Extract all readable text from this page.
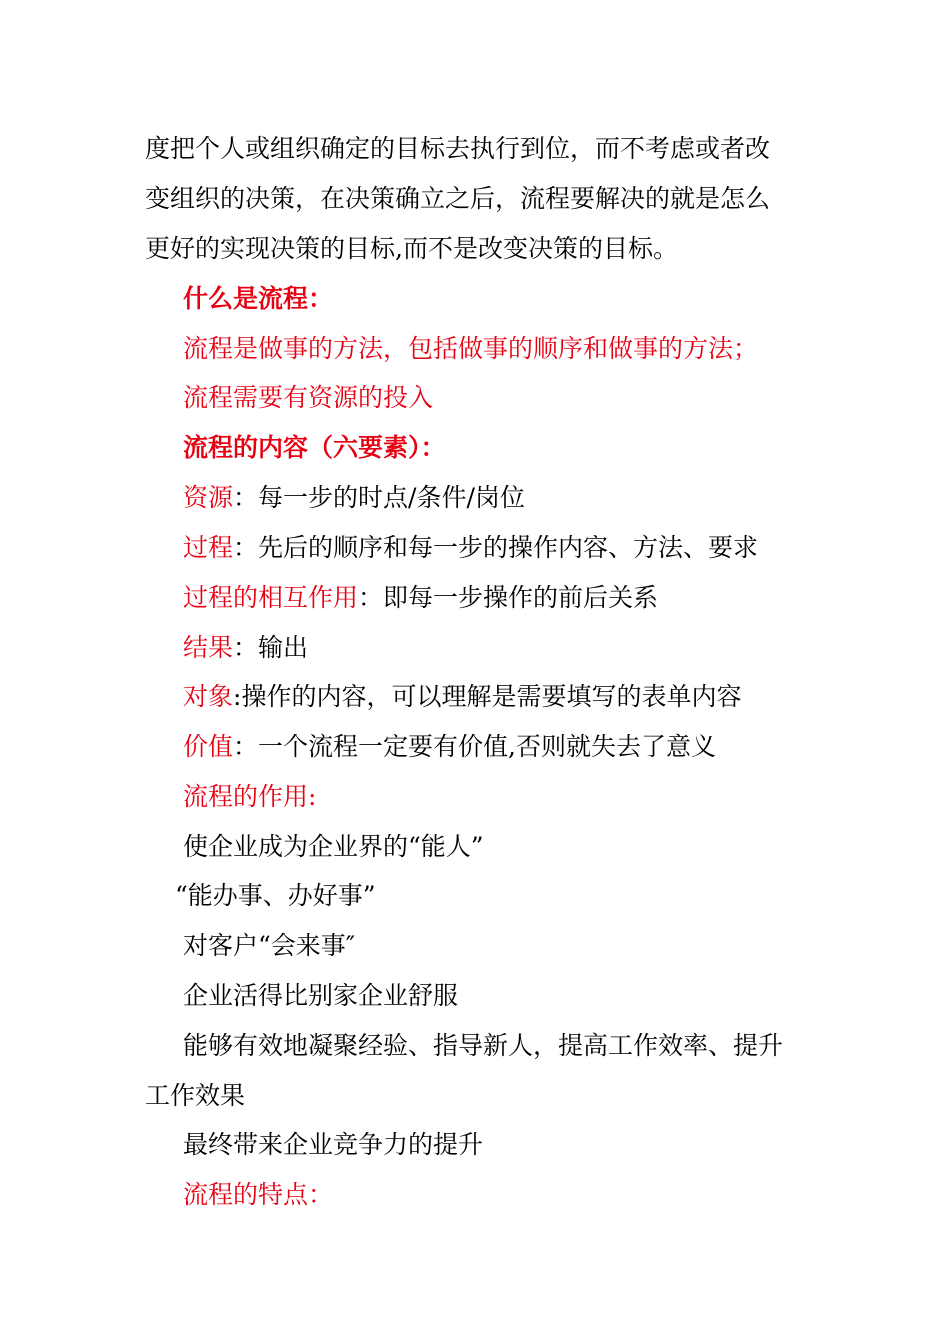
度把个人或组织确定的目标去执行到位，而不考虑或者改
变组织的决策，在决策确立之后，流程要解决的就是怎么
更好的实现决策的目标,而不是改变决策的目标。
什么是流程：
流程是做事的方法，包括做事的顺序和做事的方法；
流程需要有资源的投入
流程的内容（六要素）：
资源：每一步的时点/条件/岗位
过程：先后的顺序和每一步的操作内容、方法、要求
过程的相互作用：即每一步操作的前后关系
结果：输出
对象:操作的内容，可以理解是需要填写的表单内容
价值：一个流程一定要有价值,否则就失去了意义
流程的作用:
使企业成为企业界的“能人”
“能办事、办好事”
对客户“会来事″
企业活得比别家企业舒服
能够有效地凝聚经验、指导新人，提高工作效率、提升
工作效果
最终带来企业竞争力的提升
流程的特点：
